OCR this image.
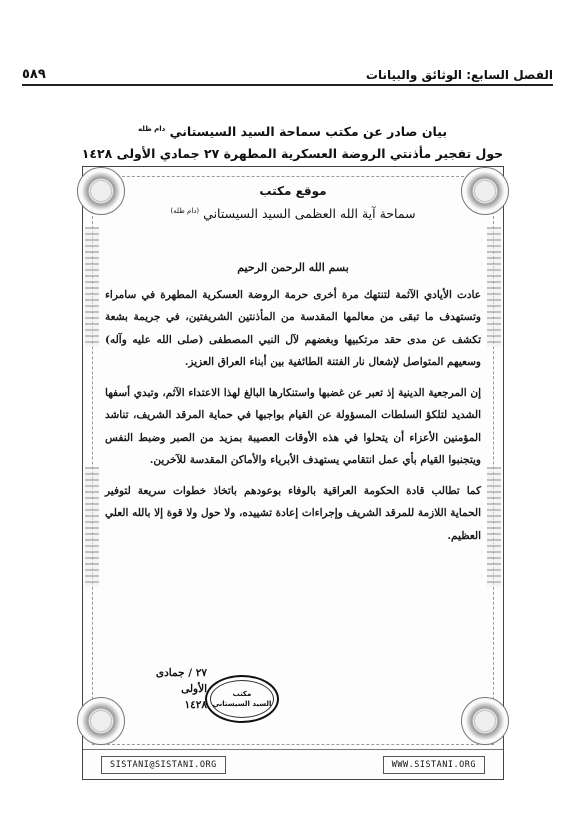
٥٨٩	الفصل السابع: الوثائق والبيانات
بيان صادر عن مكتب سماحة السيد السيستاني $^{دام ظله}$
حول تفجير مأذنتي الروضة العسكرية المطهرة ٢٧ جمادي الأولى ١٤٢٨
موقع مكتب
سماحة آية الله العظمى السيد السيستاني $^{(دام ظله)}$
بسم الله الرحمن الرحيم

عادت الأيادي الآثمة لتنتهك مرة أخرى حرمة الروضة العسكرية المطهرة في سامراء وتستهدف ما تبقى من معالمها المقدسة من المأذنتين الشريفتين، في جريمة بشعة تكشف عن مدى حقد مرتكبيها وبغضهم لآل النبي المصطفى (صلى الله عليه وآله) وسعيهم المتواصل لإشعال نار الفتنة الطائفية بين أبناء العراق العزيز.

إن المرجعية الدينية إذ تعبر عن غضبها واستنكارها البالغ لهذا الاعتداء الآثم، وتبدي أسفها الشديد لتلكؤ السلطات المسؤولة عن القيام بواجبها في حماية المرقد الشريف، تناشد المؤمنين الأعزاء أن يتحلوا في هذه الأوقات العصيبة بمزيد من الصبر وضبط النفس ويتجنبوا القيام بأي عمل انتقامي يستهدف الأبرياء والأماكن المقدسة للآخرين.

كما تطالب قادة الحكومة العراقية بالوفاء بوعودهم باتخاذ خطوات سريعة لتوفير الحماية اللازمة للمرقد الشريف وإجراءات إعادة تشييده، ولا حول ولا قوة إلا بالله العلي العظيم.

٢٧ / جمادى الأولى
١٤٢٨
مكتب
السيد السيستاني
SISTANI@SISTANI.ORG	WWW.SISTANI.ORG
